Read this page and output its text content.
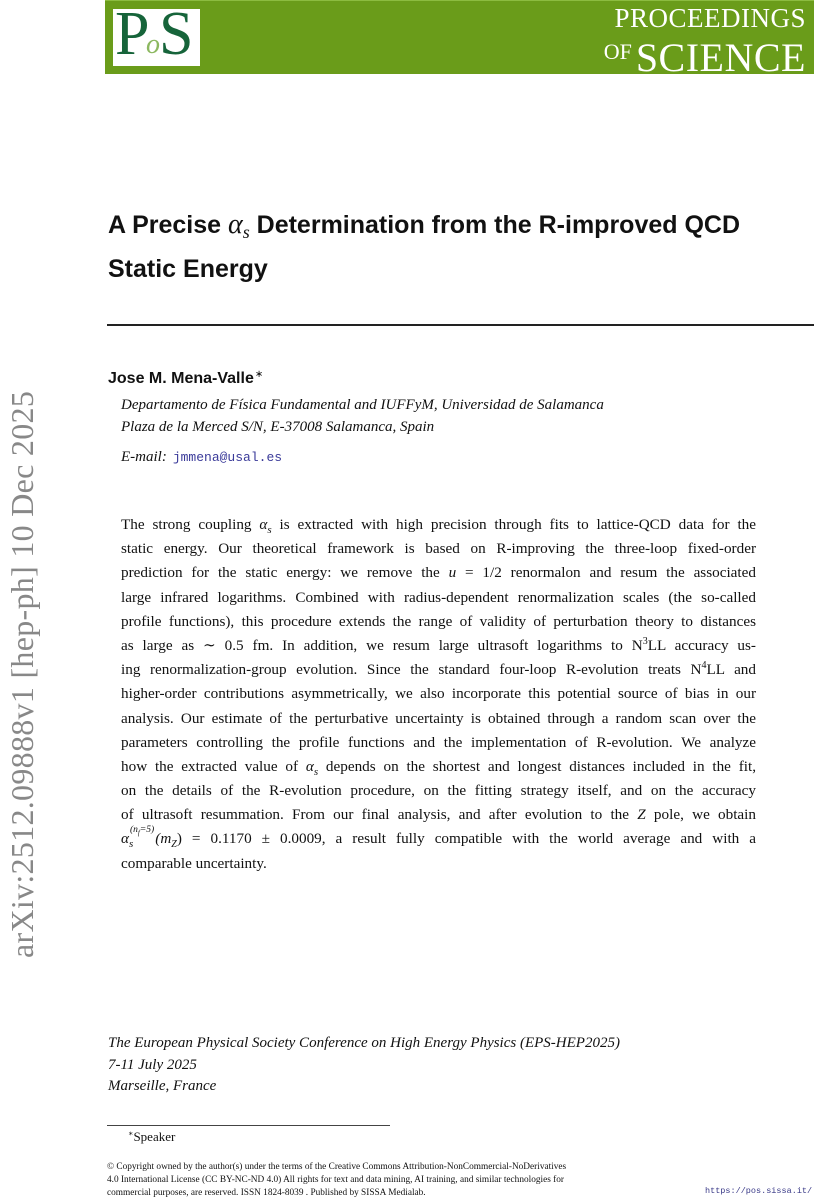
P
o S	PROCEEDINGS
OF SCIENCE
arXiv:2512.09888v1 [hep-ph] 10 Dec 2025
A Precise $\alpha_s$ Determination from the R-improved QCD
Static Energy
Jose M. Mena-Valle∗
Departamento de Física Fundamental and IUFFyM, Universidad de Salamanca
Plaza de la Merced S/N, E-37008 Salamanca, Spain
E-mail: jmmena@usal.es
The strong coupling $\alpha_s$ is extracted with high precision through fits to lattice-QCD data for the
static energy. Our theoretical framework is based on R-improving the three-loop fixed-order
prediction for the static energy: we remove the u = 1/2 renormalon and resum the associated
large infrared logarithms. Combined with radius-dependent renormalization scales (the so-called
profile functions), this procedure extends the range of validity of perturbation theory to distances
as large as ∼ 0.5 fm. In addition, we resum large ultrasoft logarithms to $N^3LL$ accuracy us-
ing renormalization-group evolution. Since the standard four-loop R-evolution treats $N^4LL$ and
higher-order contributions asymmetrically, we also incorporate this potential source of bias in our
analysis. Our estimate of the perturbative uncertainty is obtained through a random scan over the
parameters controlling the profile functions and the implementation of R-evolution. We analyze
how the extracted value of $\alpha_s$ depends on the shortest and longest distances included in the fit,
on the details of the R-evolution procedure, on the fitting strategy itself, and on the accuracy
of ultrasoft resummation. From our final analysis, and after evolution to the Z pole, we obtain
$\alpha_s$
$(n_f=5) (m_Z) = 0.1170 \pm 0.0009$, a result fully compatible with the world average and with a
comparable uncertainty.
The European Physical Society Conference on High Energy Physics (EPS-HEP2025)
7-11 July 2025
Marseille, France
∗Speaker
© Copyright owned by the author(s) under the terms of the Creative Commons Attribution-NonCommercial-NoDerivatives
4.0 International License (CC BY-NC-ND 4.0) All rights for text and data mining, AI training, and similar technologies for
commercial purposes, are reserved. ISSN 1824-8039 . Published by SISSA Medialab.	https://pos.sissa.it/
